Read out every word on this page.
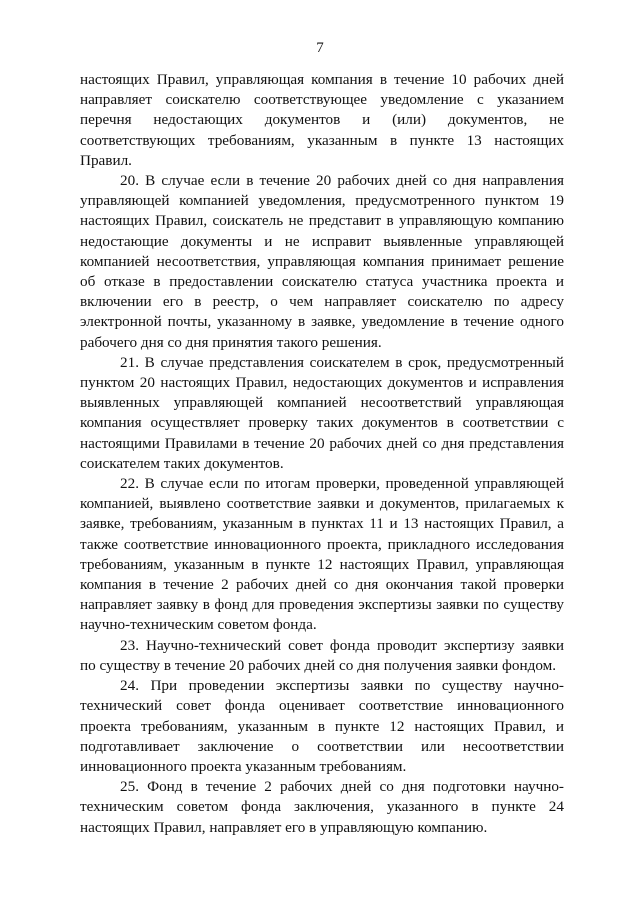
7

настоящих Правил, управляющая компания в течение 10 рабочих дней направляет соискателю соответствующее уведомление с указанием перечня недостающих документов и (или) документов, не соответствующих требованиям, указанным в пункте 13 настоящих Правил.

20. В случае если в течение 20 рабочих дней со дня направления управляющей компанией уведомления, предусмотренного пунктом 19 настоящих Правил, соискатель не представит в управляющую компанию недостающие документы и не исправит выявленные управляющей компанией несоответствия, управляющая компания принимает решение об отказе в предоставлении соискателю статуса участника проекта и включении его в реестр, о чем направляет соискателю по адресу электронной почты, указанному в заявке, уведомление в течение одного рабочего дня со дня принятия такого решения.

21. В случае представления соискателем в срок, предусмотренный пунктом 20 настоящих Правил, недостающих документов и исправления выявленных управляющей компанией несоответствий управляющая компания осуществляет проверку таких документов в соответствии с настоящими Правилами в течение 20 рабочих дней со дня представления соискателем таких документов.

22. В случае если по итогам проверки, проведенной управляющей компанией, выявлено соответствие заявки и документов, прилагаемых к заявке, требованиям, указанным в пунктах 11 и 13 настоящих Правил, а также соответствие инновационного проекта, прикладного исследования требованиям, указанным в пункте 12 настоящих Правил, управляющая компания в течение 2 рабочих дней со дня окончания такой проверки направляет заявку в фонд для проведения экспертизы заявки по существу научно-техническим советом фонда.

23. Научно-технический совет фонда проводит экспертизу заявки по существу в течение 20 рабочих дней со дня получения заявки фондом.

24. При проведении экспертизы заявки по существу научно-технический совет фонда оценивает соответствие инновационного проекта требованиям, указанным в пункте 12 настоящих Правил, и подготавливает заключение о соответствии или несоответствии инновационного проекта указанным требованиям.

25. Фонд в течение 2 рабочих дней со дня подготовки научно-техническим советом фонда заключения, указанного в пункте 24 настоящих Правил, направляет его в управляющую компанию.
